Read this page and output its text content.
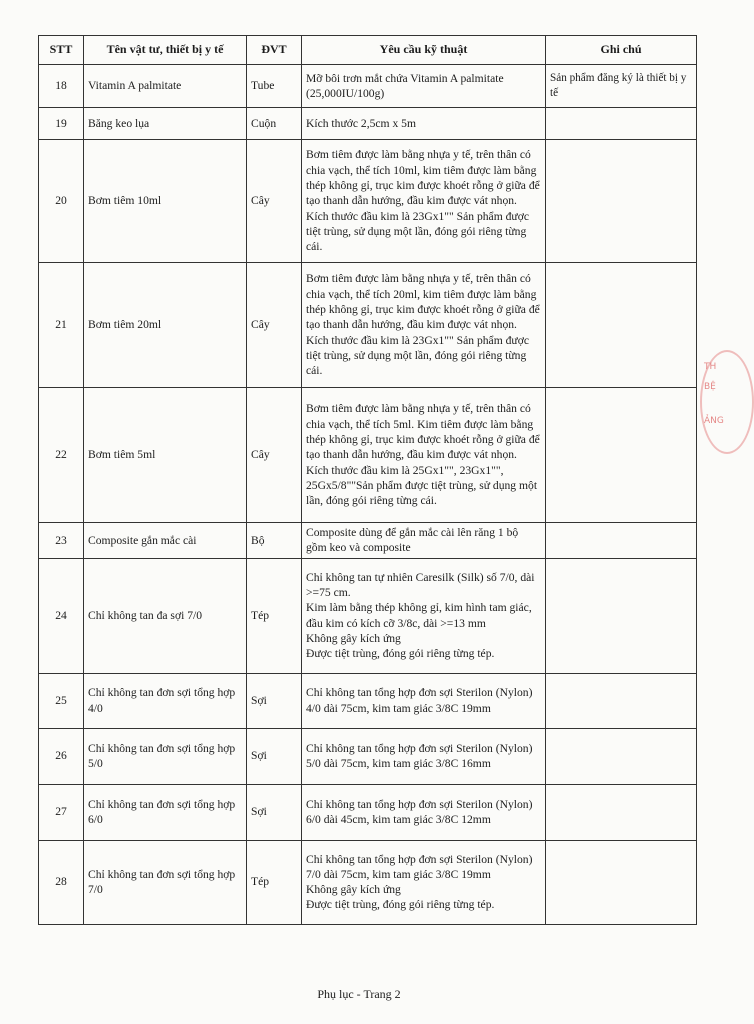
STT	Tên vật tư, thiết bị y tế	ĐVT	Yêu cầu kỹ thuật	Ghi chú
18	Vitamin A palmitate	Tube	Mỡ bôi trơn mắt chứa Vitamin A palmitate (25,000IU/100g)	Sản phẩm đăng ký là thiết bị y tế
19	Băng keo lụa	Cuộn	Kích thước 2,5cm x 5m	
20	Bơm tiêm 10ml	Cây	Bơm tiêm được làm bằng nhựa y tế, trên thân có chia vạch, thể tích 10ml, kim tiêm được làm bằng thép không gỉ, trục kim được khoét rỗng ở giữa để tạo thanh dẫn hướng, đầu kim được vát nhọn. Kích thước đầu kim là 23Gx1"" Sản phẩm được tiệt trùng, sử dụng một lần, đóng gói riêng từng cái.	
21	Bơm tiêm 20ml	Cây	Bơm tiêm được làm bằng nhựa y tế, trên thân có chia vạch, thể tích 20ml, kim tiêm được làm bằng thép không gỉ, trục kim được khoét rỗng ở giữa để tạo thanh dẫn hướng, đầu kim được vát nhọn. Kích thước đầu kim là 23Gx1"" Sản phẩm được tiệt trùng, sử dụng một lần, đóng gói riêng từng cái.	
22	Bơm tiêm 5ml	Cây	Bơm tiêm được làm bằng nhựa y tế, trên thân có chia vạch, thể tích 5ml. Kim tiêm được làm bằng thép không gỉ, trục kim được khoét rỗng ở giữa để tạo thanh dẫn hướng, đầu kim được vát nhọn. Kích thước đầu kim là 25Gx1"", 23Gx1"", 25Gx5/8""Sản phẩm được tiệt trùng, sử dụng một lần, đóng gói riêng từng cái.	
23	Composite gắn mắc cài	Bộ	Composite dùng để gắn mắc cài lên răng 1 bộ gồm keo và composite	
24	Chỉ không tan đa sợi 7/0	Tép	Chỉ không tan tự nhiên Caresilk (Silk) số 7/0, dài >=75 cm.
Kim làm bằng thép không gỉ, kim hình tam giác, đầu kim có kích cỡ 3/8c, dài >=13 mm
Không gây kích ứng
Được tiệt trùng, đóng gói riêng từng tép.	

25	Chỉ không tan đơn sợi tổng hợp 4/0	Sợi	Chỉ không tan tổng hợp đơn sợi Sterilon (Nylon) 4/0 dài 75cm, kim tam giác 3/8C 19mm	
26	Chỉ không tan đơn sợi tổng hợp 5/0	Sợi	Chỉ không tan tổng hợp đơn sợi Sterilon (Nylon) 5/0 dài 75cm, kim tam giác 3/8C 16mm	
27	Chỉ không tan đơn sợi tổng hợp 6/0	Sợi	Chỉ không tan tổng hợp đơn sợi Sterilon (Nylon) 6/0 dài 45cm, kim tam giác 3/8C 12mm	
28	Chỉ không tan đơn sợi tổng hợp 7/0	Tép	Chỉ không tan tổng hợp đơn sợi Sterilon (Nylon) 7/0 dài 75cm, kim tam giác 3/8C 19mm
Không gây kích ứng
Được tiệt trùng, đóng gói riêng từng tép.	

Phụ lục - Trang 2
TH
BỆ
ẢNG
